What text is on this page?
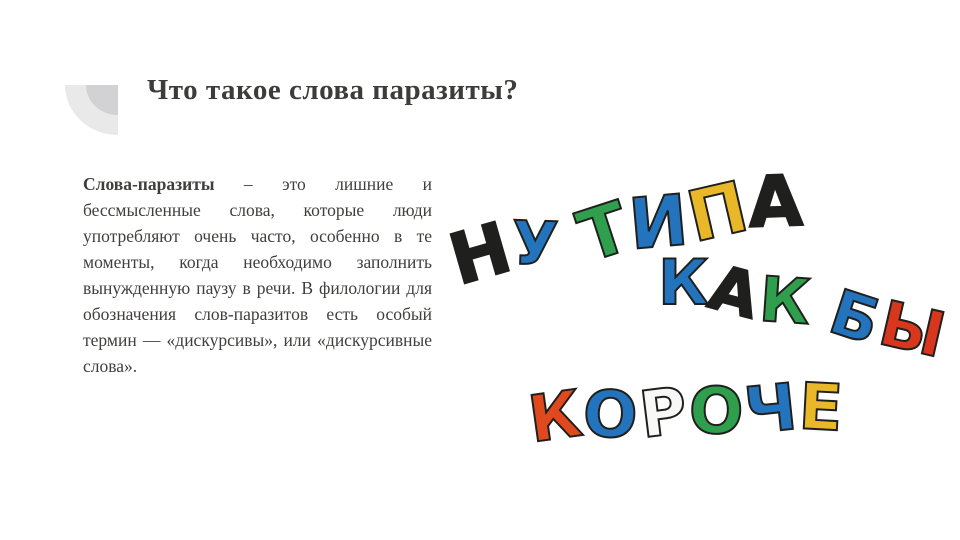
Что такое слова паразиты?

Слова-паразиты – это лишние и бессмысленные слова, которые люди употребляют очень часто, особенно в те моменты, когда необходимо заполнить вынужденную паузу в речи. В филологии для обозначения слов-паразитов есть особый термин — «дискурсивы», или «дискурсивные слова».

НУ ТИПА
КАК БЫ
КОРОЧЕ
